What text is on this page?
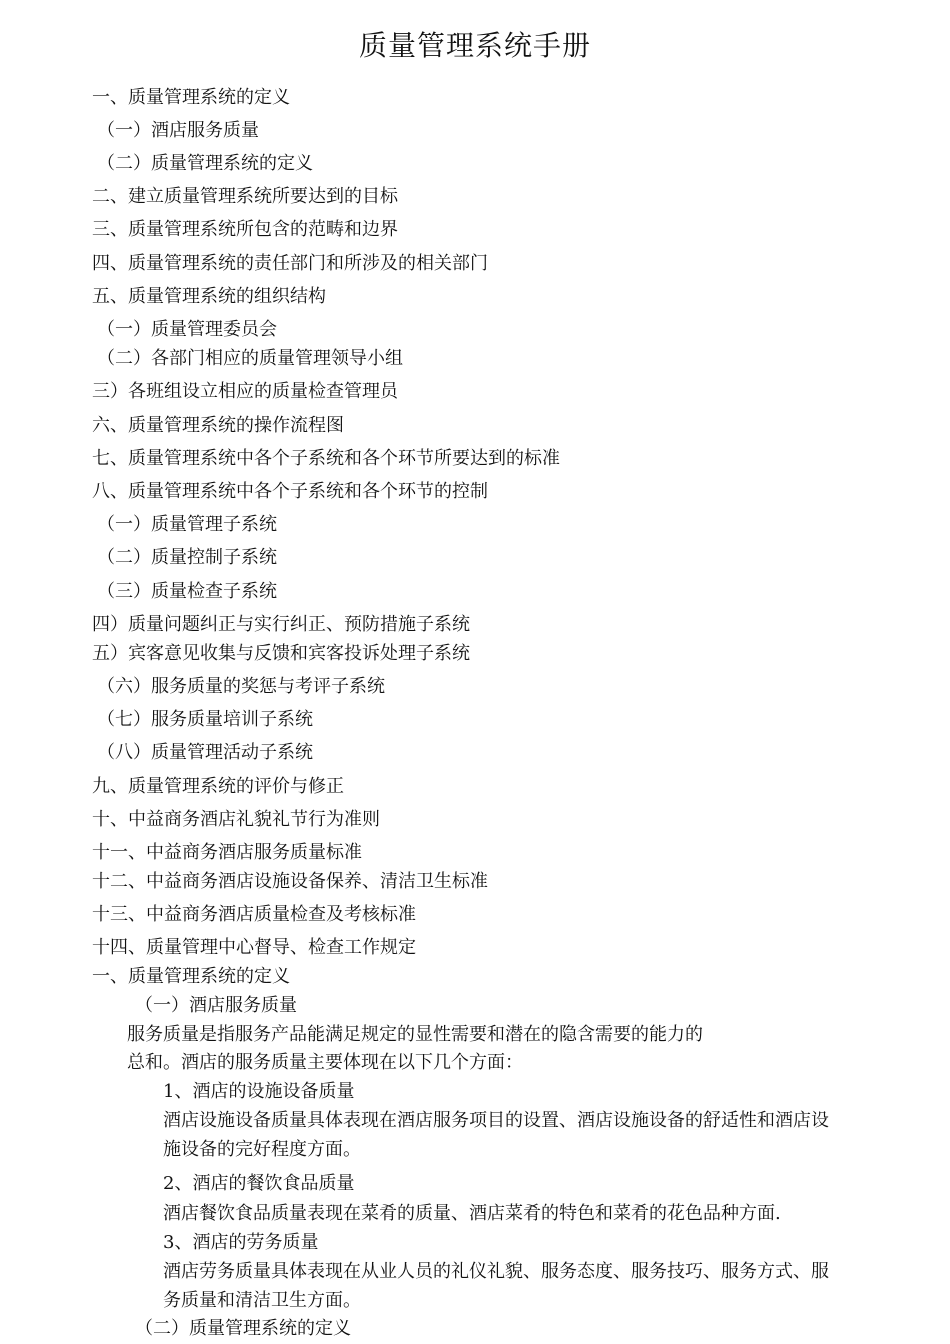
质量管理系统手册
一、质量管理系统的定义
（一）酒店服务质量
（二）质量管理系统的定义
二、建立质量管理系统所要达到的目标
三、质量管理系统所包含的范畴和边界
四、质量管理系统的责任部门和所涉及的相关部门
五、质量管理系统的组织结构
（一）质量管理委员会
（二）各部门相应的质量管理领导小组
三）各班组设立相应的质量检查管理员
六、质量管理系统的操作流程图
七、质量管理系统中各个子系统和各个环节所要达到的标准
八、质量管理系统中各个子系统和各个环节的控制
（一）质量管理子系统
（二）质量控制子系统
（三）质量检查子系统
四）质量问题纠正与实行纠正、预防措施子系统
五）宾客意见收集与反馈和宾客投诉处理子系统
（六）服务质量的奖惩与考评子系统
（七）服务质量培训子系统
（八）质量管理活动子系统
九、质量管理系统的评价与修正
十、中益商务酒店礼貌礼节行为准则
十一、中益商务酒店服务质量标准
十二、中益商务酒店设施设备保养、清洁卫生标准
十三、中益商务酒店质量检查及考核标准
十四、质量管理中心督导、检查工作规定
一、质量管理系统的定义
（一）酒店服务质量
服务质量是指服务产品能满足规定的显性需要和潜在的隐含需要的能力的
总和。酒店的服务质量主要体现在以下几个方面：
1、酒店的设施设备质量
酒店设施设备质量具体表现在酒店服务项目的设置、酒店设施设备的舒适性和酒店设
施设备的完好程度方面。
2、酒店的餐饮食品质量
酒店餐饮食品质量表现在菜肴的质量、酒店菜肴的特色和菜肴的花色品种方面.
3、酒店的劳务质量
酒店劳务质量具体表现在从业人员的礼仪礼貌、服务态度、服务技巧、服务方式、服
务质量和清洁卫生方面。
（二）质量管理系统的定义
